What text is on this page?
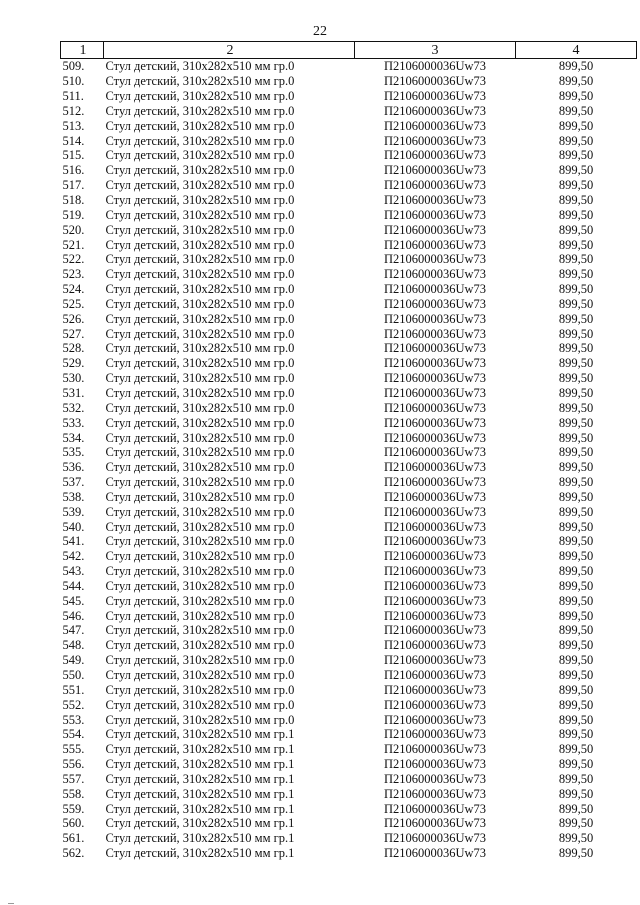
22
1	2	3	4
509.	Стул детский, 310x282x510 мм гр.0	П2106000036Uw73	899,50
510.	Стул детский, 310x282x510 мм гр.0	П2106000036Uw73	899,50
511.	Стул детский, 310x282x510 мм гр.0	П2106000036Uw73	899,50
512.	Стул детский, 310x282x510 мм гр.0	П2106000036Uw73	899,50
513.	Стул детский, 310x282x510 мм гр.0	П2106000036Uw73	899,50
514.	Стул детский, 310x282x510 мм гр.0	П2106000036Uw73	899,50
515.	Стул детский, 310x282x510 мм гр.0	П2106000036Uw73	899,50
516.	Стул детский, 310x282x510 мм гр.0	П2106000036Uw73	899,50
517.	Стул детский, 310x282x510 мм гр.0	П2106000036Uw73	899,50
518.	Стул детский, 310x282x510 мм гр.0	П2106000036Uw73	899,50
519.	Стул детский, 310x282x510 мм гр.0	П2106000036Uw73	899,50
520.	Стул детский, 310x282x510 мм гр.0	П2106000036Uw73	899,50
521.	Стул детский, 310x282x510 мм гр.0	П2106000036Uw73	899,50
522.	Стул детский, 310x282x510 мм гр.0	П2106000036Uw73	899,50
523.	Стул детский, 310x282x510 мм гр.0	П2106000036Uw73	899,50
524.	Стул детский, 310x282x510 мм гр.0	П2106000036Uw73	899,50
525.	Стул детский, 310x282x510 мм гр.0	П2106000036Uw73	899,50
526.	Стул детский, 310x282x510 мм гр.0	П2106000036Uw73	899,50
527.	Стул детский, 310x282x510 мм гр.0	П2106000036Uw73	899,50
528.	Стул детский, 310x282x510 мм гр.0	П2106000036Uw73	899,50
529.	Стул детский, 310x282x510 мм гр.0	П2106000036Uw73	899,50
530.	Стул детский, 310x282x510 мм гр.0	П2106000036Uw73	899,50
531.	Стул детский, 310x282x510 мм гр.0	П2106000036Uw73	899,50
532.	Стул детский, 310x282x510 мм гр.0	П2106000036Uw73	899,50
533.	Стул детский, 310x282x510 мм гр.0	П2106000036Uw73	899,50
534.	Стул детский, 310x282x510 мм гр.0	П2106000036Uw73	899,50
535.	Стул детский, 310x282x510 мм гр.0	П2106000036Uw73	899,50
536.	Стул детский, 310x282x510 мм гр.0	П2106000036Uw73	899,50
537.	Стул детский, 310x282x510 мм гр.0	П2106000036Uw73	899,50
538.	Стул детский, 310x282x510 мм гр.0	П2106000036Uw73	899,50
539.	Стул детский, 310x282x510 мм гр.0	П2106000036Uw73	899,50
540.	Стул детский, 310x282x510 мм гр.0	П2106000036Uw73	899,50
541.	Стул детский, 310x282x510 мм гр.0	П2106000036Uw73	899,50
542.	Стул детский, 310x282x510 мм гр.0	П2106000036Uw73	899,50
543.	Стул детский, 310x282x510 мм гр.0	П2106000036Uw73	899,50
544.	Стул детский, 310x282x510 мм гр.0	П2106000036Uw73	899,50
545.	Стул детский, 310x282x510 мм гр.0	П2106000036Uw73	899,50
546.	Стул детский, 310x282x510 мм гр.0	П2106000036Uw73	899,50
547.	Стул детский, 310x282x510 мм гр.0	П2106000036Uw73	899,50
548.	Стул детский, 310x282x510 мм гр.0	П2106000036Uw73	899,50
549.	Стул детский, 310x282x510 мм гр.0	П2106000036Uw73	899,50
550.	Стул детский, 310x282x510 мм гр.0	П2106000036Uw73	899,50
551.	Стул детский, 310x282x510 мм гр.0	П2106000036Uw73	899,50
552.	Стул детский, 310x282x510 мм гр.0	П2106000036Uw73	899,50
553.	Стул детский, 310x282x510 мм гр.0	П2106000036Uw73	899,50
554.	Стул детский, 310x282x510 мм гр.1	П2106000036Uw73	899,50
555.	Стул детский, 310x282x510 мм гр.1	П2106000036Uw73	899,50
556.	Стул детский, 310x282x510 мм гр.1	П2106000036Uw73	899,50
557.	Стул детский, 310x282x510 мм гр.1	П2106000036Uw73	899,50
558.	Стул детский, 310x282x510 мм гр.1	П2106000036Uw73	899,50
559.	Стул детский, 310x282x510 мм гр.1	П2106000036Uw73	899,50
560.	Стул детский, 310x282x510 мм гр.1	П2106000036Uw73	899,50
561.	Стул детский, 310x282x510 мм гр.1	П2106000036Uw73	899,50
562.	Стул детский, 310x282x510 мм гр.1	П2106000036Uw73	899,50
